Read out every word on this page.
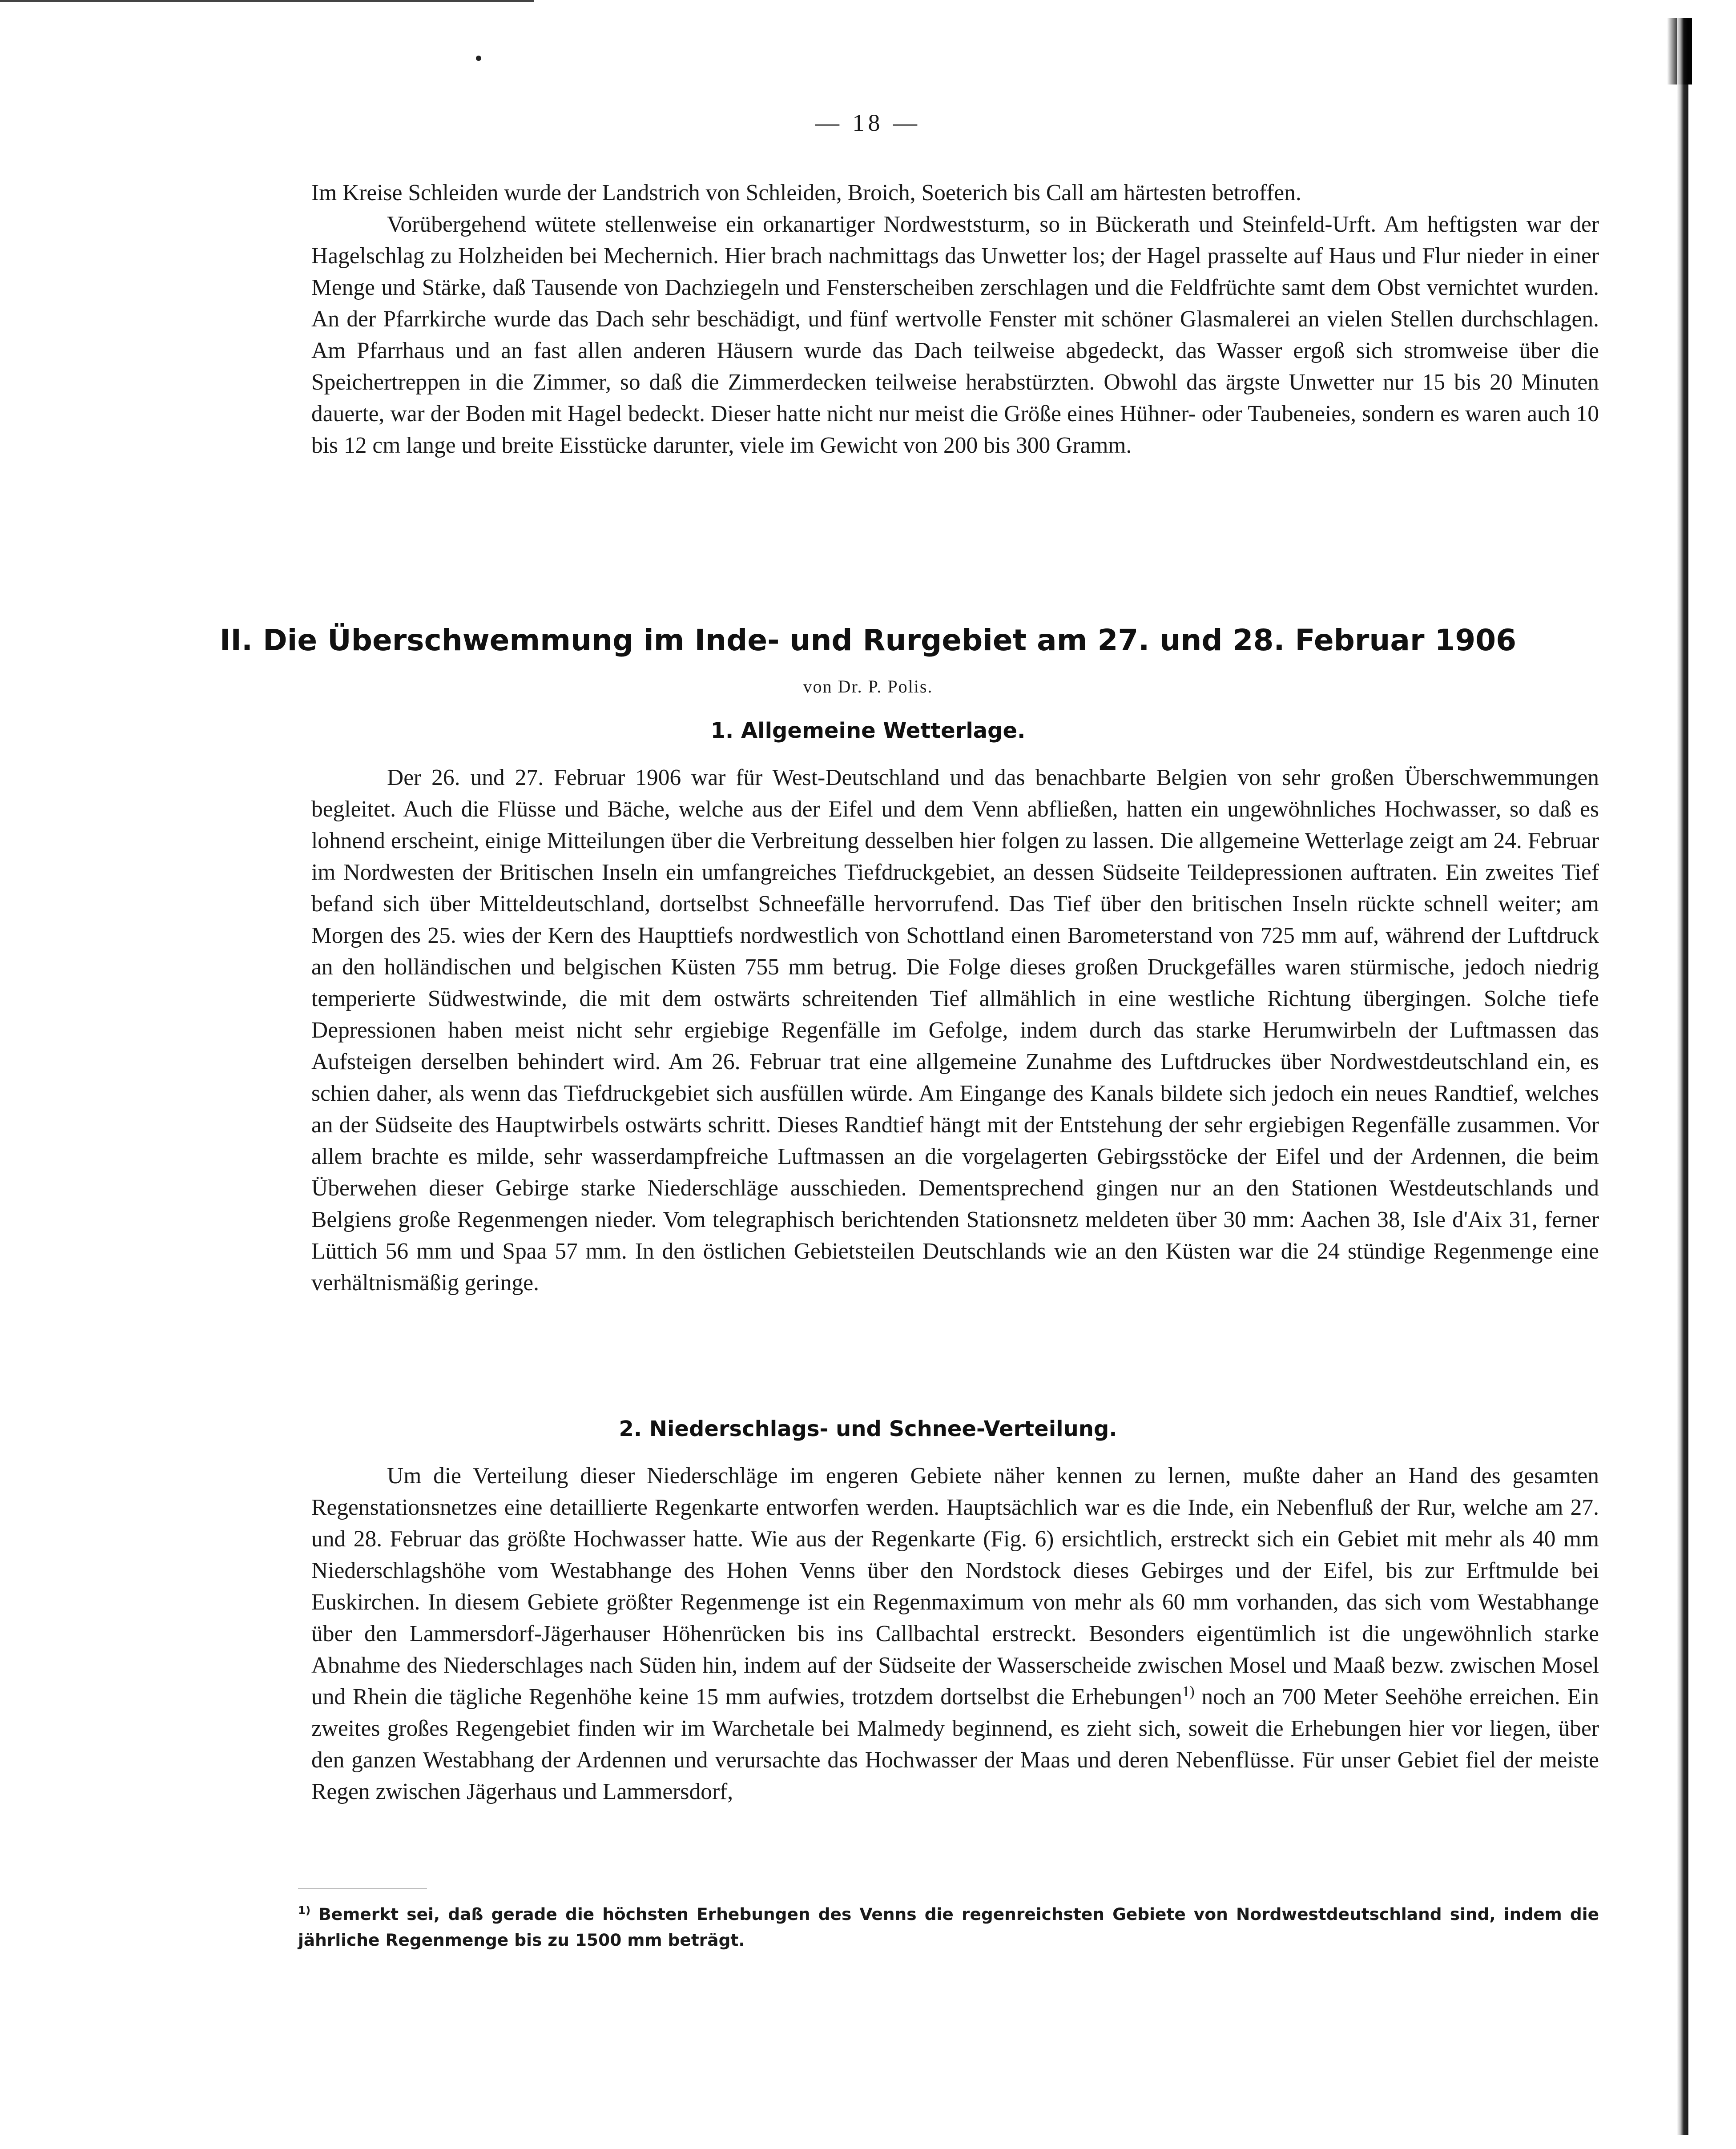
— 18 —

Im Kreise Schleiden wurde der Landstrich von Schleiden, Broich, Soeterich bis Call am härtesten betroffen.

Vorübergehend wütete stellenweise ein orkanartiger Nordweststurm, so in Bückerath und Steinfeld-Urft. Am heftigsten war der Hagelschlag zu Holzheiden bei Mechernich. Hier brach nachmittags das Unwetter los; der Hagel prasselte auf Haus und Flur nieder in einer Menge und Stärke, daß Tausende von Dachziegeln und Fensterscheiben zerschlagen und die Feldfrüchte samt dem Obst vernichtet wurden. An der Pfarrkirche wurde das Dach sehr beschädigt, und fünf wertvolle Fenster mit schöner Glasmalerei an vielen Stellen durchschlagen. Am Pfarrhaus und an fast allen anderen Häusern wurde das Dach teilweise abgedeckt, das Wasser ergoß sich stromweise über die Speichertreppen in die Zimmer, so daß die Zimmerdecken teilweise herabstürzten. Obwohl das ärgste Unwetter nur 15 bis 20 Minuten dauerte, war der Boden mit Hagel bedeckt. Dieser hatte nicht nur meist die Größe eines Hühner- oder Taubeneies, sondern es waren auch 10 bis 12 cm lange und breite Eisstücke darunter, viele im Gewicht von 200 bis 300 Gramm.

II. Die Überschwemmung im Inde- und Rurgebiet am 27. und 28. Februar 1906
von Dr. P. Polis.
1. Allgemeine Wetterlage.

Der 26. und 27. Februar 1906 war für West-Deutschland und das benachbarte Belgien von sehr großen Überschwemmungen begleitet. Auch die Flüsse und Bäche, welche aus der Eifel und dem Venn abfließen, hatten ein ungewöhnliches Hochwasser, so daß es lohnend erscheint, einige Mitteilungen über die Verbreitung desselben hier folgen zu lassen. Die allgemeine Wetterlage zeigt am 24. Februar im Nordwesten der Britischen Inseln ein umfangreiches Tiefdruckgebiet, an dessen Südseite Teildepressionen auftraten. Ein zweites Tief befand sich über Mitteldeutschland, dortselbst Schneefälle hervorrufend. Das Tief über den britischen Inseln rückte schnell weiter; am Morgen des 25. wies der Kern des Haupttiefs nordwestlich von Schottland einen Barometerstand von 725 mm auf, während der Luftdruck an den holländischen und belgischen Küsten 755 mm betrug. Die Folge dieses großen Druckgefälles waren stürmische, jedoch niedrig temperierte Südwestwinde, die mit dem ostwärts schreitenden Tief allmählich in eine westliche Richtung übergingen. Solche tiefe Depressionen haben meist nicht sehr ergiebige Regenfälle im Gefolge, indem durch das starke Herumwirbeln der Luftmassen das Aufsteigen derselben behindert wird. Am 26. Februar trat eine allgemeine Zunahme des Luftdruckes über Nordwestdeutschland ein, es schien daher, als wenn das Tiefdruckgebiet sich ausfüllen würde. Am Eingange des Kanals bildete sich jedoch ein neues Randtief, welches an der Südseite des Hauptwirbels ostwärts schritt. Dieses Randtief hängt mit der Entstehung der sehr ergiebigen Regenfälle zusammen. Vor allem brachte es milde, sehr wasserdampfreiche Luftmassen an die vorgelagerten Gebirgsstöcke der Eifel und der Ardennen, die beim Überwehen dieser Gebirge starke Niederschläge ausschieden. Dementsprechend gingen nur an den Stationen Westdeutschlands und Belgiens große Regenmengen nieder. Vom telegraphisch berichtenden Stationsnetz meldeten über 30 mm: Aachen 38, Isle d'Aix 31, ferner Lüttich 56 mm und Spaa 57 mm. In den östlichen Gebietsteilen Deutschlands wie an den Küsten war die 24 stündige Regenmenge eine verhältnismäßig geringe.

2. Niederschlags- und Schnee-Verteilung.

Um die Verteilung dieser Niederschläge im engeren Gebiete näher kennen zu lernen, mußte daher an Hand des gesamten Regenstationsnetzes eine detaillierte Regenkarte entworfen werden. Hauptsächlich war es die Inde, ein Nebenfluß der Rur, welche am 27. und 28. Februar das größte Hochwasser hatte. Wie aus der Regenkarte (Fig. 6) ersichtlich, erstreckt sich ein Gebiet mit mehr als 40 mm Niederschlagshöhe vom Westabhange des Hohen Venns über den Nordstock dieses Gebirges und der Eifel, bis zur Erftmulde bei Euskirchen. In diesem Gebiete größter Regenmenge ist ein Regenmaximum von mehr als 60 mm vorhanden, das sich vom Westabhange über den Lammersdorf-Jägerhauser Höhenrücken bis ins Callbachtal erstreckt. Besonders eigentümlich ist die ungewöhnlich starke Abnahme des Niederschlages nach Süden hin, indem auf der Südseite der Wasserscheide zwischen Mosel und Maaß bezw. zwischen Mosel und Rhein die tägliche Regenhöhe keine 15 mm aufwies, trotzdem dortselbst die Erhebungen$^{1)}$ noch an 700 Meter Seehöhe erreichen. Ein zweites großes Regengebiet finden wir im Warchetale bei Malmedy beginnend, es zieht sich, soweit die Erhebungen hier vor liegen, über den ganzen Westabhang der Ardennen und verursachte das Hochwasser der Maas und deren Nebenflüsse. Für unser Gebiet fiel der meiste Regen zwischen Jägerhaus und Lammersdorf,

$^{1)}$ Bemerkt sei, daß gerade die höchsten Erhebungen des Venns die regenreichsten Gebiete von Nordwestdeutschland sind, indem die jährliche Regenmenge bis zu 1500 mm beträgt.
